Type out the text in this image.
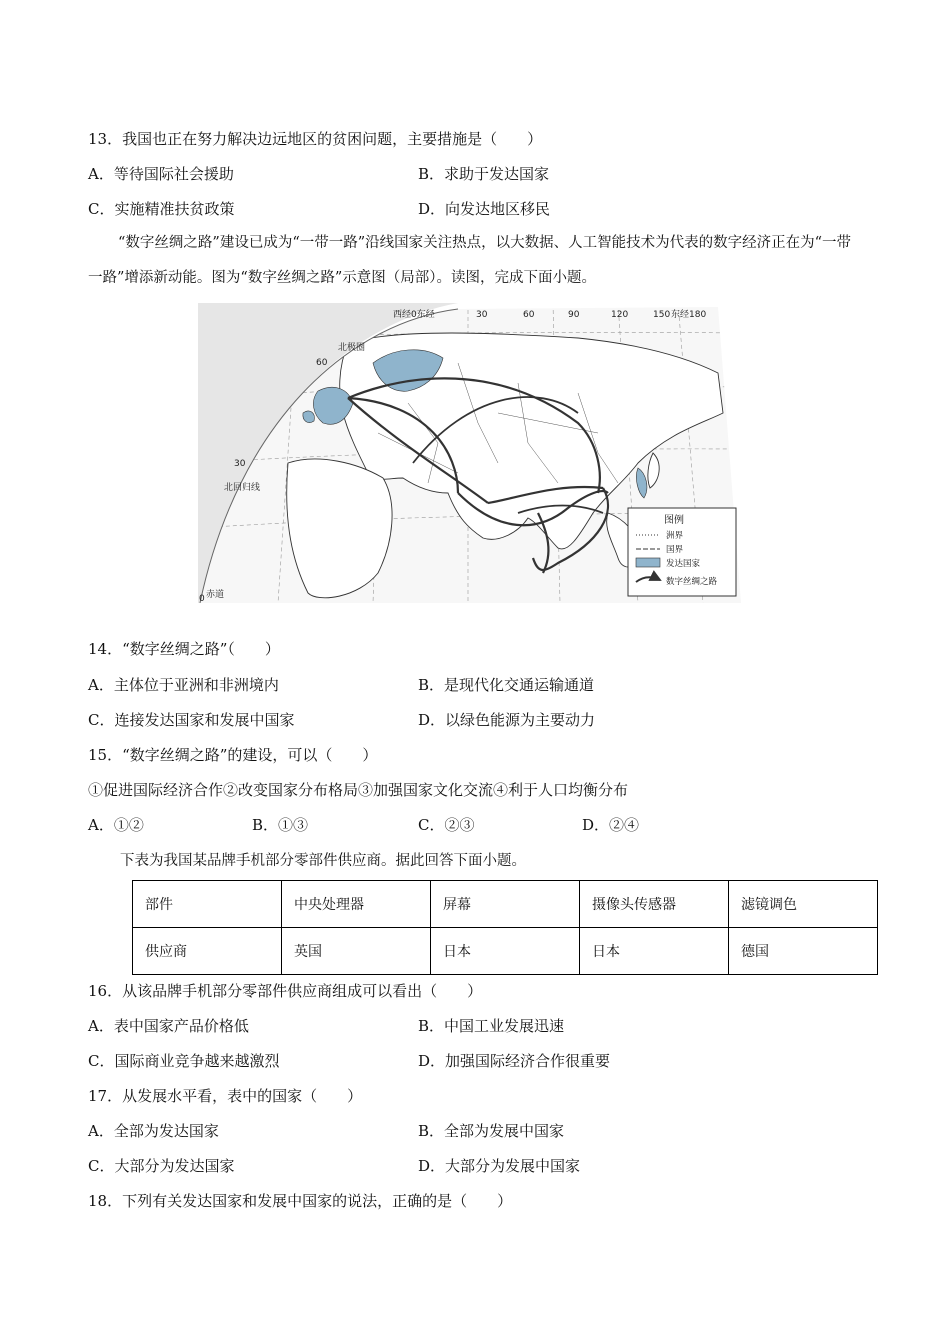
13．我国也正在努力解决边远地区的贫困问题，主要措施是（　　）
A．等待国际社会援助	B．求助于发达国家
C．实施精准扶贫政策	D．向发达地区移民
“数字丝绸之路”建设已成为“一带一路”沿线国家关注热点，以大数据、人工智能技术为代表的数字经济正在为“一带一路”增添新动能。图为“数字丝绸之路”示意图（局部）。读图，完成下面小题。
西经0东经	30	60	90	120	150 东经180
60
30
0
北极圈
北回归线
赤道
图例
洲界
国界
发达国家
数字丝绸之路
14．“数字丝绸之路”（　　）
A．主体位于亚洲和非洲境内	B．是现代化交通运输通道
C．连接发达国家和发展中国家	D．以绿色能源为主要动力
15．“数字丝绸之路”的建设，可以（　　）
①促进国际经济合作②改变国家分布格局③加强国家文化交流④利于人口均衡分布
A．①②	B．①③	C．②③	D．②④
下表为我国某品牌手机部分零部件供应商。据此回答下面小题。
部件	中央处理器	屏幕	摄像头传感器	滤镜调色
供应商	英国	日本	日本	德国
16．从该品牌手机部分零部件供应商组成可以看出（　　）
A．表中国家产品价格低	B．中国工业发展迅速
C．国际商业竞争越来越激烈	D．加强国际经济合作很重要
17．从发展水平看，表中的国家（　　）
A．全部为发达国家	B．全部为发展中国家
C．大部分为发达国家	D．大部分为发展中国家
18．下列有关发达国家和发展中国家的说法，正确的是（　　）
